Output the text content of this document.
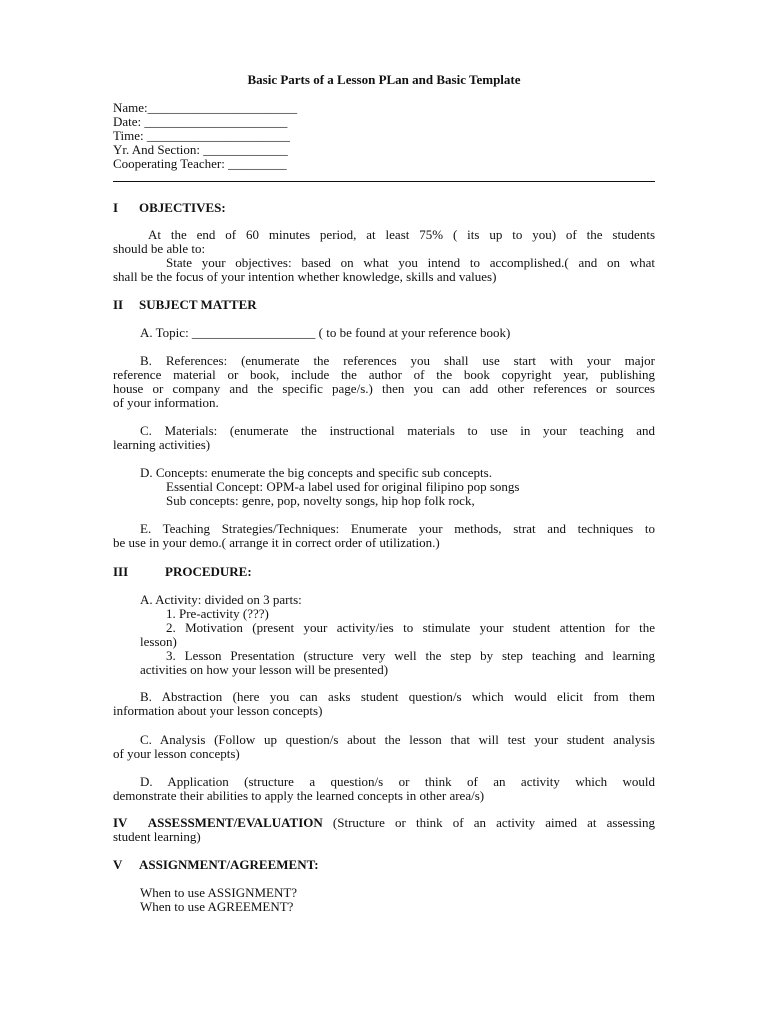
Basic Parts of a Lesson PLan and Basic Template
Name:_______________________
Date: ______________________
Time: ______________________
Yr. And Section: _____________
Cooperating Teacher: _________
I OBJECTIVES:
At the end of 60 minutes period, at least 75% ( its up to you) of the students
should be able to:
State your objectives: based on what you intend to accomplished.( and on what
shall be the focus of your intention whether knowledge, skills and values)
II SUBJECT MATTER
A. Topic: ___________________ ( to be found at your reference book)
B. References: (enumerate the references you shall use start with your major
reference material or book, include the author of the book copyright year, publishing
house or company and the specific page/s.) then you can add other references or sources
of your information.
C. Materials: (enumerate the instructional materials to use in your teaching and
learning activities)
D. Concepts: enumerate the big concepts and specific sub concepts.
Essential Concept: OPM-a label used for original filipino pop songs
Sub concepts: genre, pop, novelty songs, hip hop folk rock,
E. Teaching Strategies/Techniques: Enumerate your methods, strat and techniques to
be use in your demo.( arrange it in correct order of utilization.)
III	PROCEDURE:
A. Activity: divided on 3 parts:
1. Pre-activity (???)
2. Motivation (present your activity/ies to stimulate your student attention for the
lesson)
3. Lesson Presentation (structure very well the step by step teaching and learning
activities on how your lesson will be presented)
B. Abstraction (here you can asks student question/s which would elicit from them
information about your lesson concepts)
C. Analysis (Follow up question/s about the lesson that will test your student analysis
of your lesson concepts)
D. Application (structure a question/s or think of an activity which would
demonstrate their abilities to apply the learned concepts in other area/s)
IV ASSESSMENT/EVALUATION (Structure or think of an activity aimed at assessing
student learning)
V ASSIGNMENT/AGREEMENT:
When to use ASSIGNMENT?
When to use AGREEMENT?
